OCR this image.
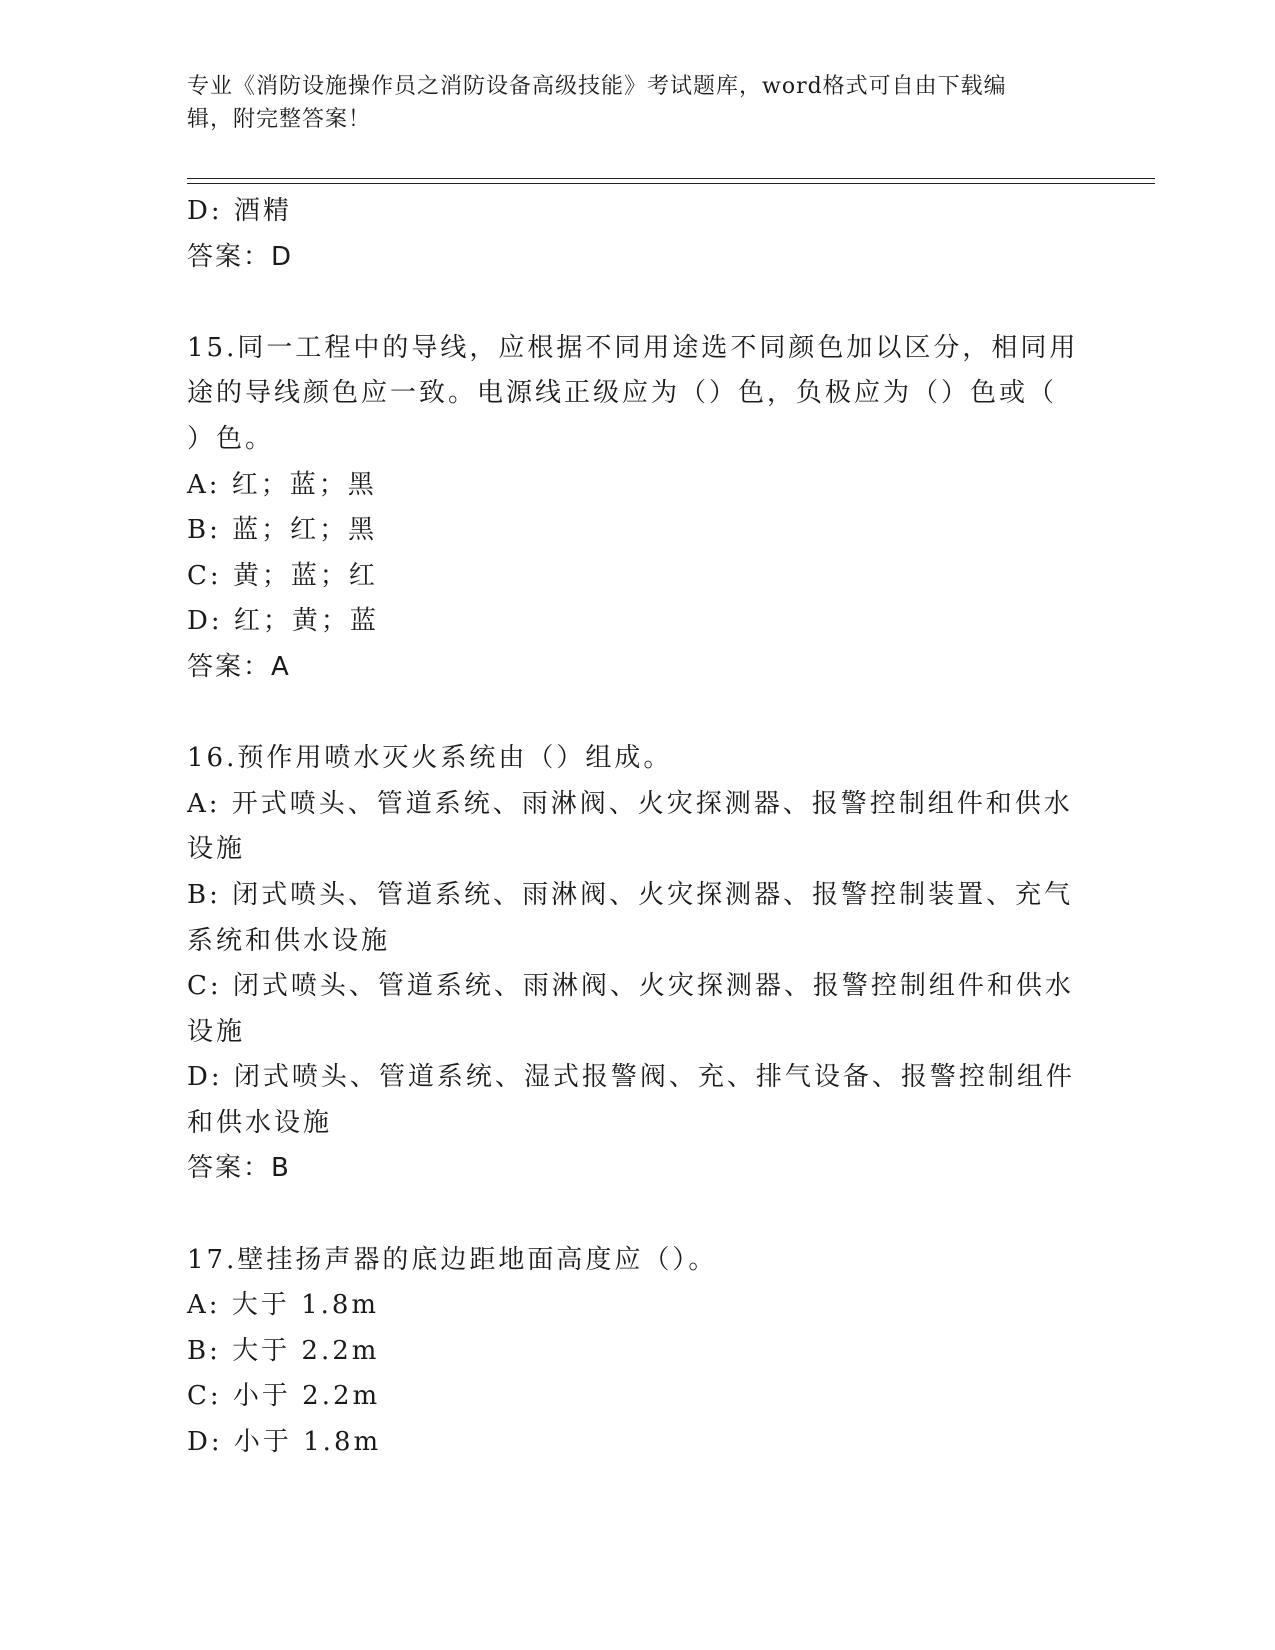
专业《消防设施操作员之消防设备高级技能》考试题库，word格式可自由下载编
辑，附完整答案！
D: 酒精
答案：D
15.同一工程中的导线，应根据不同用途选不同颜色加以区分，相同用
途的导线颜色应一致。电源线正级应为（）色，负极应为（）色或（
）色。
A: 红；蓝；黑
B: 蓝；红；黑
C: 黄；蓝；红
D: 红；黄；蓝
答案：A
16.预作用喷水灭火系统由（）组成。
A: 开式喷头、管道系统、雨淋阀、火灾探测器、报警控制组件和供水
设施
B: 闭式喷头、管道系统、雨淋阀、火灾探测器、报警控制装置、充气
系统和供水设施
C: 闭式喷头、管道系统、雨淋阀、火灾探测器、报警控制组件和供水
设施
D: 闭式喷头、管道系统、湿式报警阀、充、排气设备、报警控制组件
和供水设施
答案：B
17.壁挂扬声器的底边距地面高度应（）。
A: 大于 1.8m
B: 大于 2.2m
C: 小于 2.2m
D: 小于 1.8m
